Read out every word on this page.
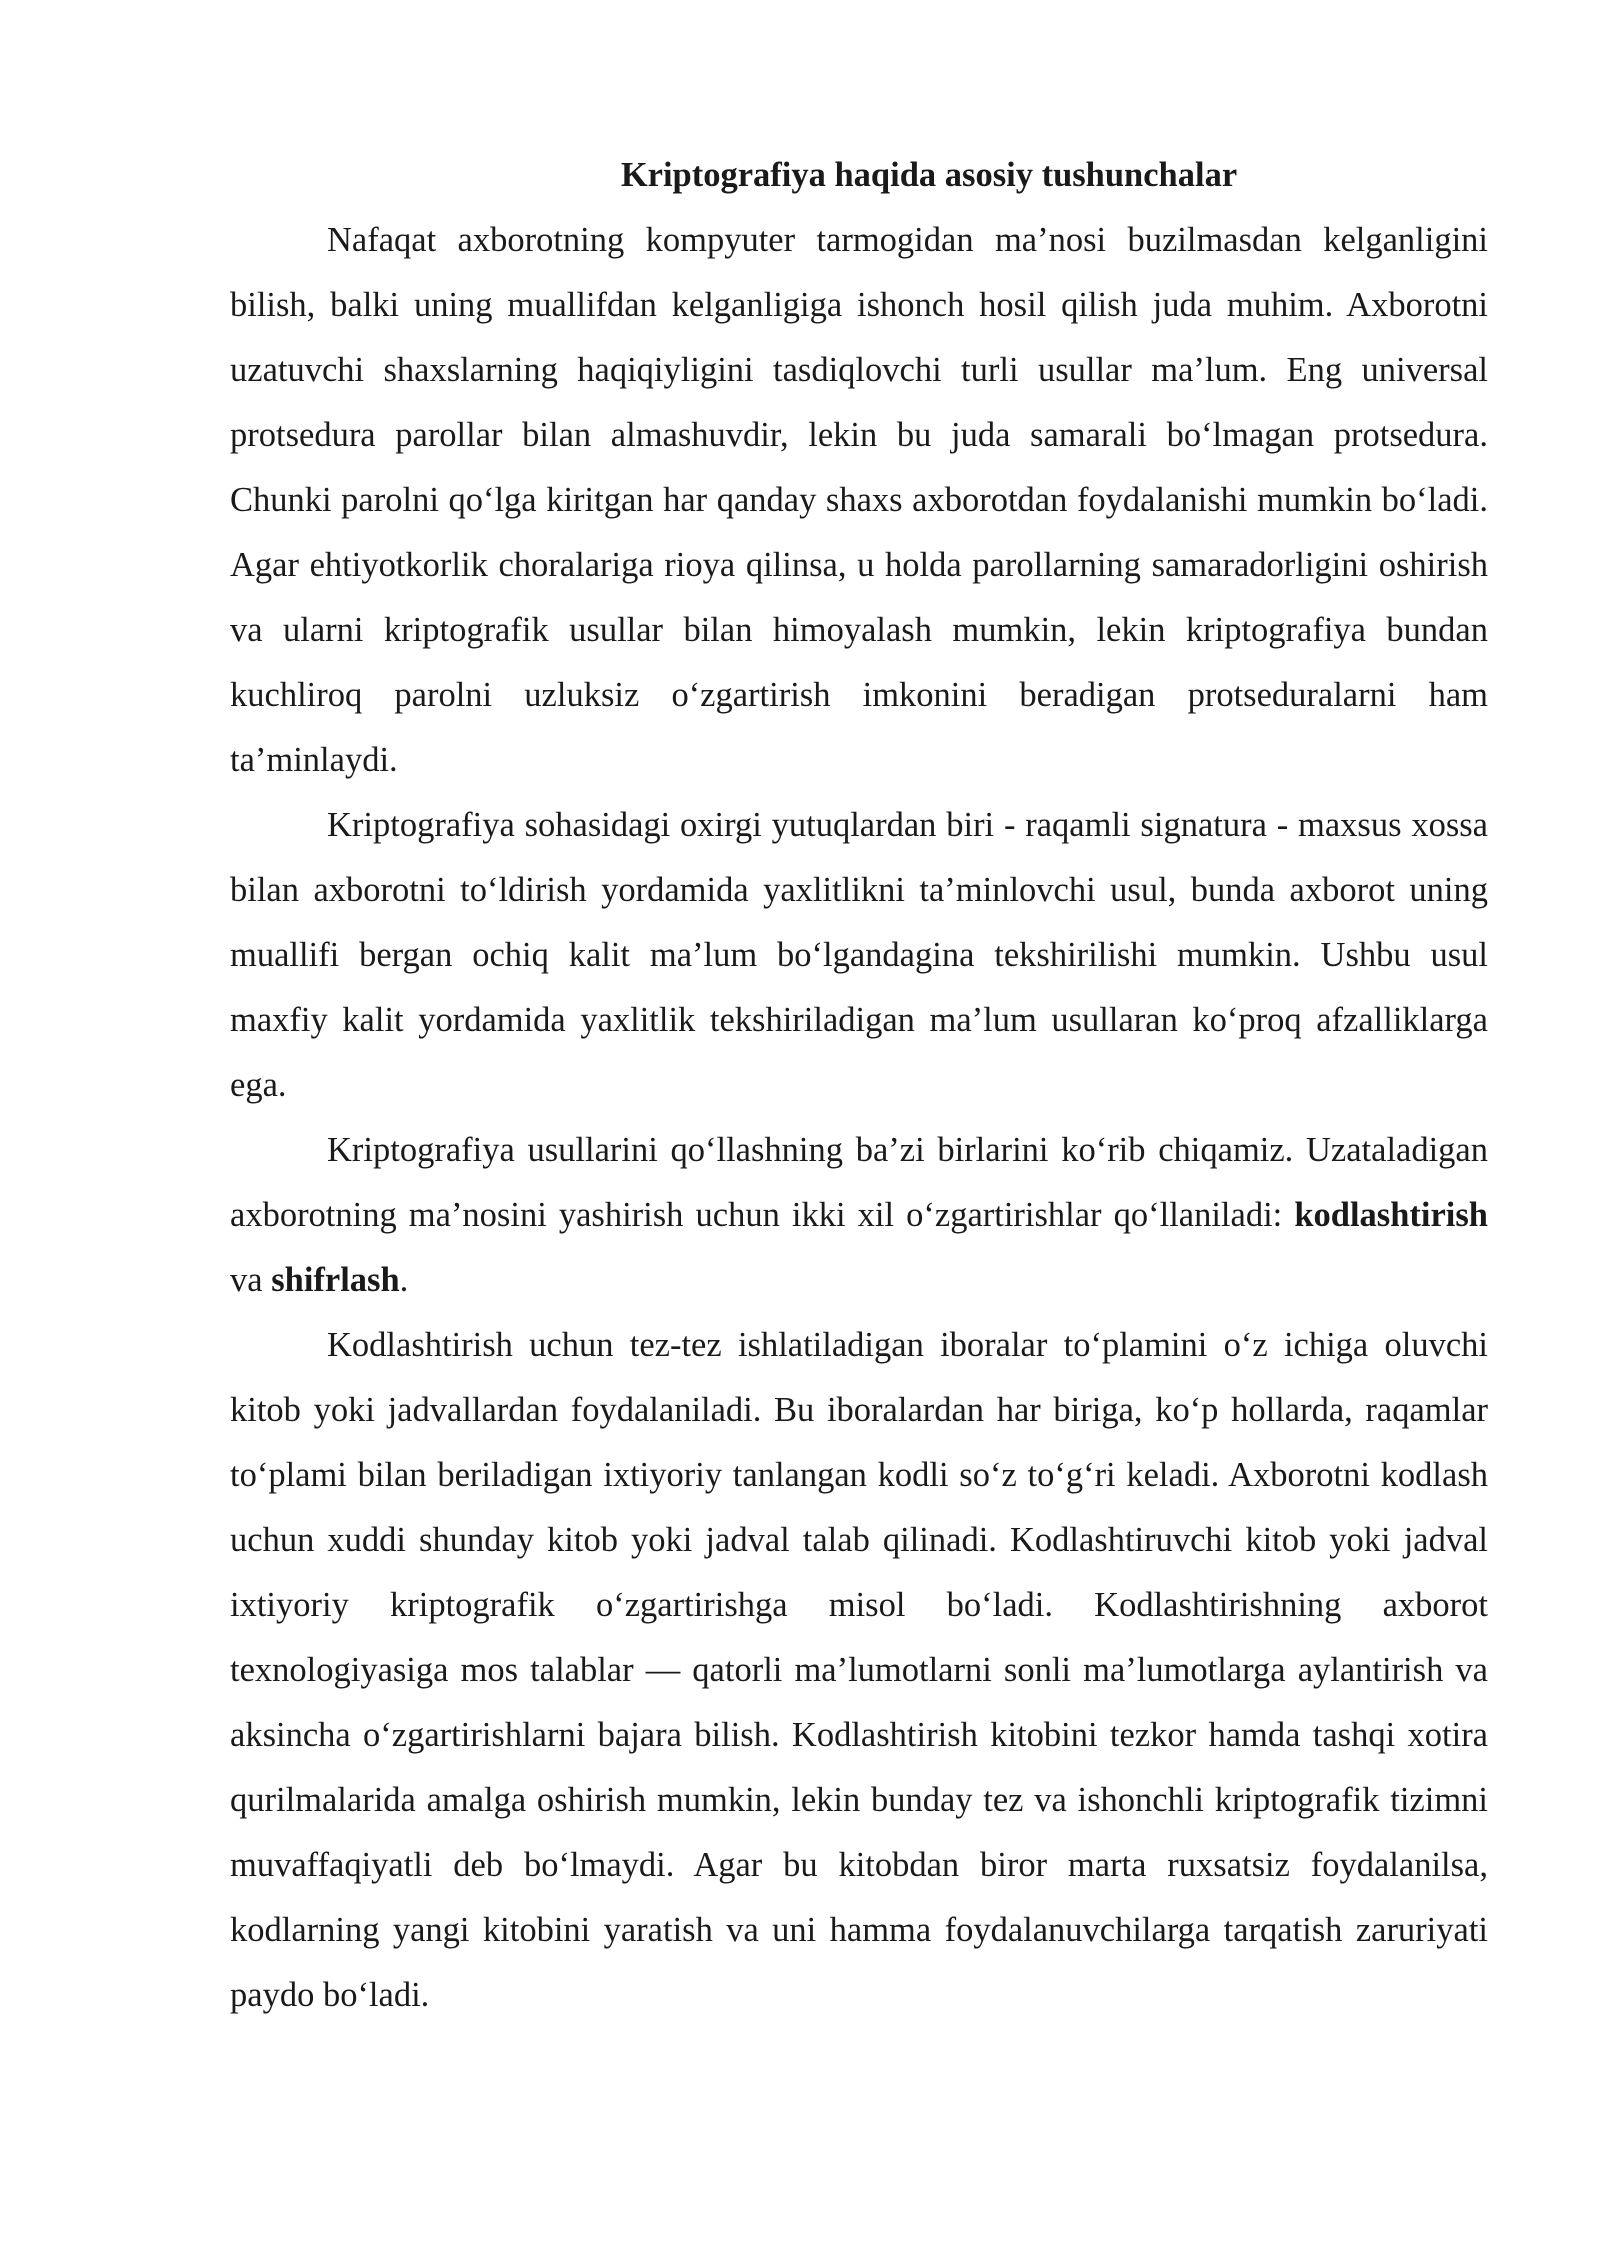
Kriptografiya haqida asosiy tushunchalar

Nafaqat axborotning kompyuter tarmogidan ma’nosi buzilmasdan kelganligini bilish, balki uning muallifdan kelganligiga ishonch hosil qilish juda muhim. Axborotni uzatuvchi shaxslarning haqiqiyligini tasdiqlovchi turli usullar ma’lum. Eng universal protsedura parollar bilan almashuvdir, lekin bu juda samarali bo‘lmagan protsedura. Chunki parolni qo‘lga kiritgan har qanday shaxs axborotdan foydalanishi mumkin bo‘ladi. Agar ehtiyotkorlik choralariga rioya qilinsa, u holda parollarning samaradorligini oshirish va ularni kriptografik usullar bilan himoyalash mumkin, lekin kriptografiya bundan kuchliroq parolni uzluksiz o‘zgartirish imkonini beradigan protseduralarni ham ta’minlaydi.

Kriptografiya sohasidagi oxirgi yutuqlardan biri - raqamli signatura - maxsus xossa bilan axborotni to‘ldirish yordamida yaxlitlikni ta’minlovchi usul, bunda axborot uning muallifi bergan ochiq kalit ma’lum bo‘lgandagina tekshirilishi mumkin. Ushbu usul maxfiy kalit yordamida yaxlitlik tekshiriladigan ma’lum usullaran ko‘proq afzalliklarga ega.

Kriptografiya usullarini qo‘llashning ba’zi birlarini ko‘rib chiqamiz. Uzataladigan axborotning ma’nosini yashirish uchun ikki xil o‘zgartirishlar qo‘llaniladi: kodlashtirish va shifrlash.

Kodlashtirish uchun tez-tez ishlatiladigan iboralar to‘plamini o‘z ichiga oluvchi kitob yoki jadvallardan foydalaniladi. Bu iboralardan har biriga, ko‘p hollarda, raqamlar to‘plami bilan beriladigan ixtiyoriy tanlangan kodli so‘z to‘g‘ri keladi. Axborotni kodlash uchun xuddi shunday kitob yoki jadval talab qilinadi. Kodlashtiruvchi kitob yoki jadval ixtiyoriy kriptografik o‘zgartirishga misol bo‘ladi. Kodlashtirishning axborot texnologiyasiga mos talablar — qatorli ma’lumotlarni sonli ma’lumotlarga aylantirish va aksincha o‘zgartirishlarni bajara bilish. Kodlashtirish kitobini tezkor hamda tashqi xotira qurilmalarida amalga oshirish mumkin, lekin bunday tez va ishonchli kriptografik tizimni muvaffaqiyatli deb bo‘lmaydi. Agar bu kitobdan biror marta ruxsatsiz foydalanilsa, kodlarning yangi kitobini yaratish va uni hamma foydalanuvchilarga tarqatish zaruriyati paydo bo‘ladi.
